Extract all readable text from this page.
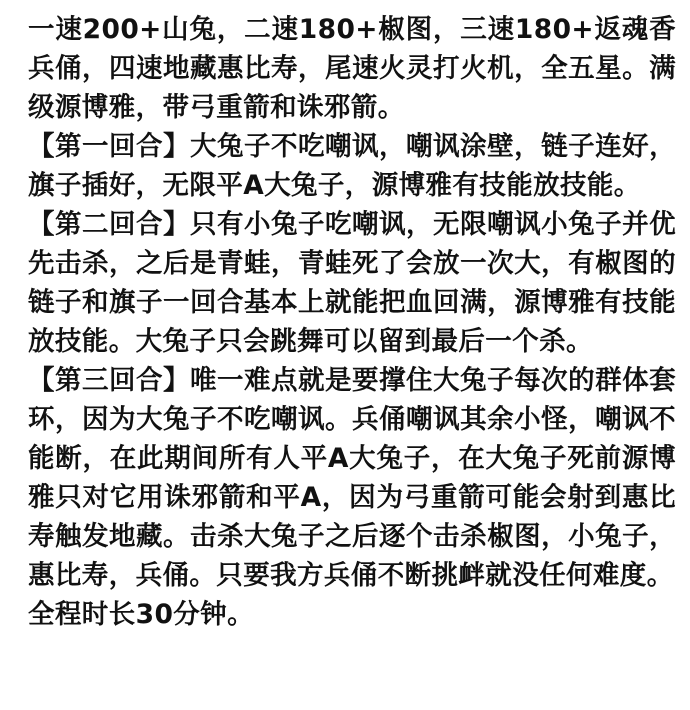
一速200+山兔，二速180+椒图，三速180+返魂香兵俑，四速地藏惠比寿，尾速火灵打火机，全五星。满级源博雅，带弓重箭和诛邪箭。

【第一回合】大兔子不吃嘲讽，嘲讽涂壁，链子连好，旗子插好，无限平A大兔子，源博雅有技能放技能。

【第二回合】只有小兔子吃嘲讽，无限嘲讽小兔子并优先击杀，之后是青蛙，青蛙死了会放一次大，有椒图的链子和旗子一回合基本上就能把血回满，源博雅有技能放技能。大兔子只会跳舞可以留到最后一个杀。

【第三回合】唯一难点就是要撑住大兔子每次的群体套环，因为大兔子不吃嘲讽。兵俑嘲讽其余小怪，嘲讽不能断，在此期间所有人平A大兔子，在大兔子死前源博雅只对它用诛邪箭和平A，因为弓重箭可能会射到惠比寿触发地藏。击杀大兔子之后逐个击杀椒图，小兔子，惠比寿，兵俑。只要我方兵俑不断挑衅就没任何难度。

全程时长30分钟。
